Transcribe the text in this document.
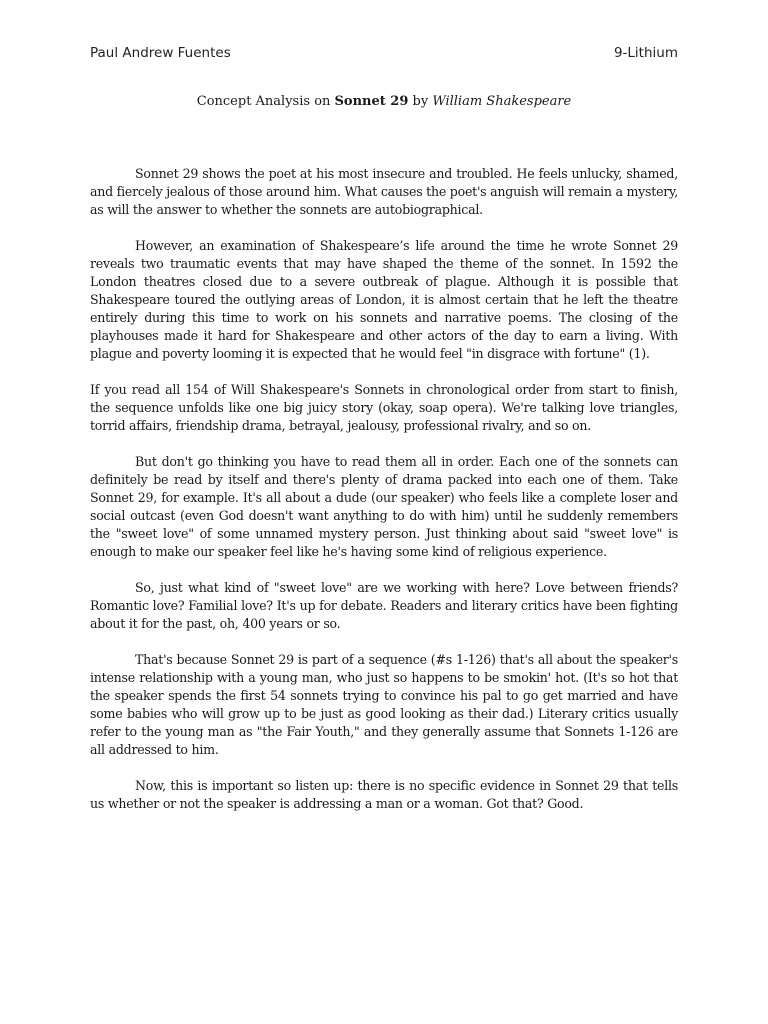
Paul Andrew Fuentes	9-Lithium
Concept Analysis on Sonnet 29 by William Shakespeare

Sonnet 29 shows the poet at his most insecure and troubled. He feels unlucky, shamed, and fiercely jealous of those around him. What causes the poet's anguish will remain a mystery, as will the answer to whether the sonnets are autobiographical.

However, an examination of Shakespeare’s life around the time he wrote Sonnet 29 reveals two traumatic events that may have shaped the theme of the sonnet. In 1592 the London theatres closed due to a severe outbreak of plague. Although it is possible that Shakespeare toured the outlying areas of London, it is almost certain that he left the theatre entirely during this time to work on his sonnets and narrative poems. The closing of the playhouses made it hard for Shakespeare and other actors of the day to earn a living. With plague and poverty looming it is expected that he would feel "in disgrace with fortune" (1).

If you read all 154 of Will Shakespeare's Sonnets in chronological order from start to finish, the sequence unfolds like one big juicy story (okay, soap opera). We're talking love triangles, torrid affairs, friendship drama, betrayal, jealousy, professional rivalry, and so on.

But don't go thinking you have to read them all in order. Each one of the sonnets can definitely be read by itself and there's plenty of drama packed into each one of them. Take Sonnet 29, for example. It's all about a dude (our speaker) who feels like a complete loser and social outcast (even God doesn't want anything to do with him) until he suddenly remembers the "sweet love" of some unnamed mystery person. Just thinking about said "sweet love" is enough to make our speaker feel like he's having some kind of religious experience.

So, just what kind of "sweet love" are we working with here? Love between friends? Romantic love? Familial love? It's up for debate. Readers and literary critics have been fighting about it for the past, oh, 400 years or so.

That's because Sonnet 29 is part of a sequence (#s 1-126) that's all about the speaker's intense relationship with a young man, who just so happens to be smokin' hot. (It's so hot that the speaker spends the first 54 sonnets trying to convince his pal to go get married and have some babies who will grow up to be just as good looking as their dad.) Literary critics usually refer to the young man as "the Fair Youth," and they generally assume that Sonnets 1-126 are all addressed to him.

Now, this is important so listen up: there is no specific evidence in Sonnet 29 that tells us whether or not the speaker is addressing a man or a woman. Got that? Good.
